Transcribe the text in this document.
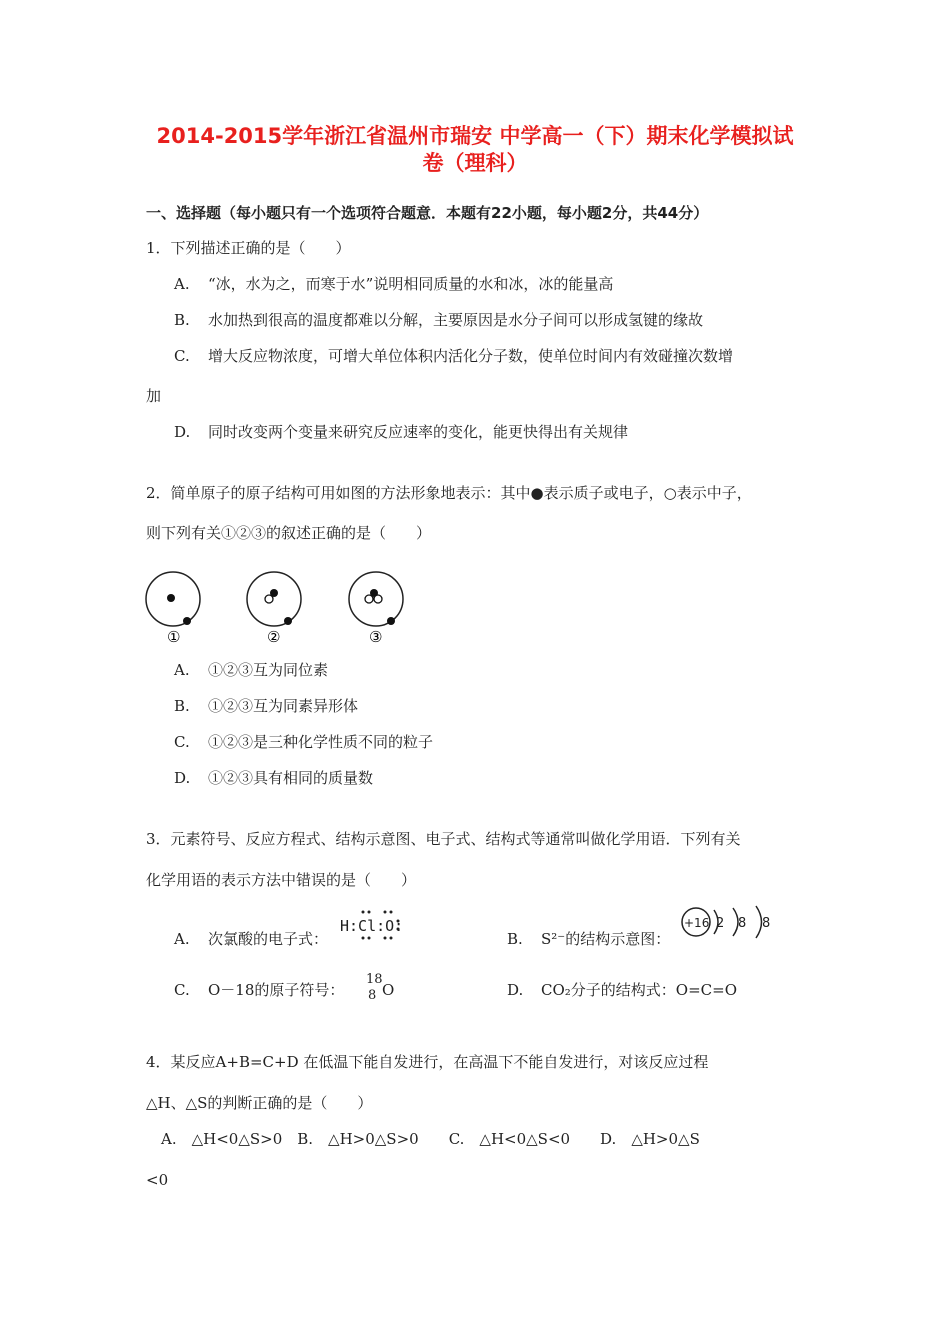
2014-2015学年浙江省温州市瑞安 中学高一（下）期末化学模拟试
卷（理科）
一、选择题（每小题只有一个选项符合题意．本题有22小题，每小题2分，共44分）
1．下列描述正确的是（　　）
A. “冰，水为之，而寒于水”说明相同质量的水和冰，冰的能量高
B. 水加热到很高的温度都难以分解，主要原因是水分子间可以形成氢键的缘故
C. 增大反应物浓度，可增大单位体积内活化分子数，使单位时间内有效碰撞次数增
加
D. 同时改变两个变量来研究反应速率的变化，能更快得出有关规律
2．简单原子的原子结构可用如图的方法形象地表示：其中●表示质子或电子，○表示中子，
则下列有关①②③的叙述正确的是（　　）
①	②	③
A. ①②③互为同位素
B. ①②③互为同素异形体
C. ①②③是三种化学性质不同的粒子
D. ①②③具有相同的质量数
3．元素符号、反应方程式、结构示意图、电子式、结构式等通常叫做化学用语．下列有关
化学用语的表示方法中错误的是（　　）
A. 次氯酸的电子式：
H:Cl:O:
B. S²⁻的结构示意图：
+16 2 8 8
C. O－18的原子符号：
18
8 O	D. CO₂分子的结构式：O=C=O
4．某反应A+B=C+D 在低温下能自发进行，在高温下不能自发进行，对该反应过程
△H、△S的判断正确的是（　　）
　A.　△H<0△S>0　B.　△H>0△S>0　　C.　△H<0△S<0　　D.　△H>0△S
<0
